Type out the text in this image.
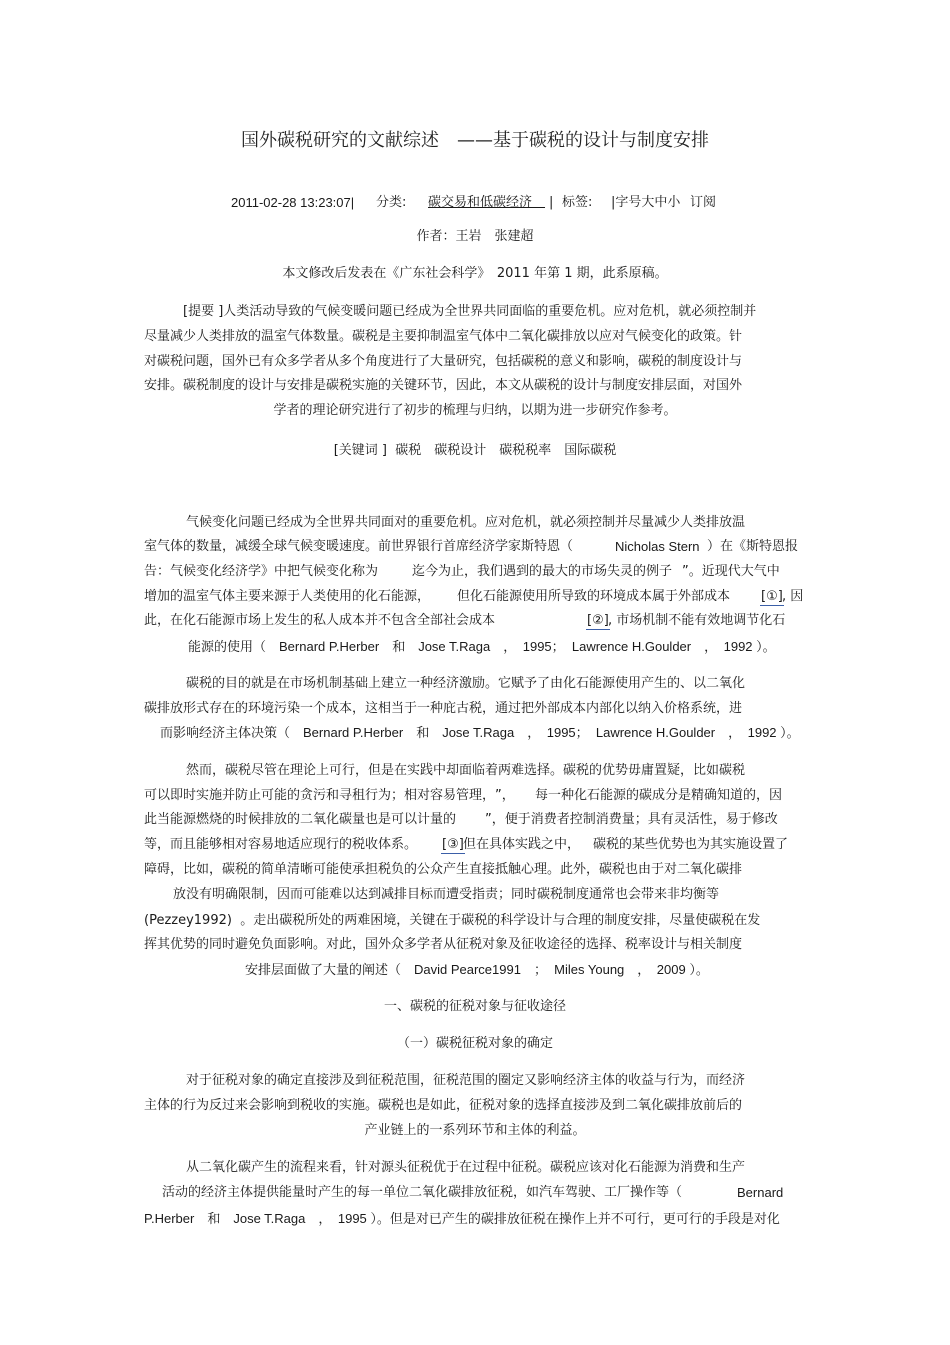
国外碳税研究的文献综述　——基于碳税的设计与制度安排
2011-02-28 13:23:07| 分类: 碳交易和低碳经济　 | 标签: |字号大中小 订阅
作者：王岩　张建超
本文修改后发表在《广东社会科学》　2011 年第 1 期，此系原稿。
[提要 ]人类活动导致的气候变暖问题已经成为全世界共同面临的重要危机。应对危机，就必须控制并
尽量减少人类排放的温室气体数量。碳税是主要抑制温室气体中二氧化碳排放以应对气候变化的政策。针
对碳税问题，国外已有众多学者从多个角度进行了大量研究，包括碳税的意义和影响，碳税的制度设计与
安排。碳税制度的设计与安排是碳税实施的关键环节，因此，本文从碳税的设计与制度安排层面，对国外
学者的理论研究进行了初步的梳理与归纳，以期为进一步研究作参考。
[关键词 ]  碳税　碳税设计　碳税税率　国际碳税
气候变化问题已经成为全世界共同面对的重要危机。应对危机，就必须控制并尽量减少人类排放温
室气体的数量，减缓全球气候变暖速度。前世界银行首席经济学家斯特恩（	Nicholas Stern ）在《斯特恩报
告：气候变化经济学》中把气候变化称为	迄今为止，我们遇到的最大的市场失灵的例子 ”。近现代大气中
增加的温室气体主要来源于人类使用的化石能源， 但化石能源使用所导致的环境成本属于外部成本 [①] , 因
此，在化石能源市场上发生的私人成本并不包含全部社会成本	[②] , 市场机制不能有效地调节化石
能源的使用（　Bernard P.Herber　和　Jose T.Raga　，　1995；  Lawrence H.Goulder　，　1992 ）。
碳税的目的就是在市场机制基础上建立一种经济激励。它赋予了由化石能源使用产生的、以二氧化
碳排放形式存在的环境污染一个成本，这相当于一种庇古税，通过把外部成本内部化以纳入价格系统，进
而影响经济主体决策（　Bernard P.Herber　和　Jose T.Raga　，　1995；  Lawrence H.Goulder　，　1992 ）。
然而，碳税尽管在理论上可行，但是在实践中却面临着两难选择。碳税的优势毋庸置疑，比如碳税
可以即时实施并防止可能的贪污和寻租行为；相对容易管理， ”， 每一种化石能源的碳成分是精确知道的，因
此当能源燃烧的时候排放的二氧化碳量也是可以计量的 ”，便于消费者控制消费量；具有灵活性，易于修改
等，而且能够相对容易地适应现行的税收体系。 [③] 但在具体实践之中， 碳税的某些优势也为其实施设置了
障碍，比如，碳税的简单清晰可能使承担税负的公众产生直接抵触心理。此外，碳税也由于对二氧化碳排
放没有明确限制，因而可能难以达到减排目标而遭受指责；同时碳税制度通常也会带来非均衡等
(Pezzey1992)  。走出碳税所处的两难困境，关键在于碳税的科学设计与合理的制度安排，尽量使碳税在发
挥其优势的同时避免负面影响。对此，国外众多学者从征税对象及征收途径的选择、税率设计与相关制度
安排层面做了大量的阐述（　David Pearce1991　；  Miles Young　，　2009 ）。
一、碳税的征税对象与征收途径
（一）碳税征税对象的确定
对于征税对象的确定直接涉及到征税范围，征税范围的圈定又影响经济主体的收益与行为，而经济
主体的行为反过来会影响到税收的实施。碳税也是如此，征税对象的选择直接涉及到二氧化碳排放前后的
产业链上的一系列环节和主体的利益。
从二氧化碳产生的流程来看，针对源头征税优于在过程中征税。碳税应该对化石能源为消费和生产
活动的经济主体提供能量时产生的每一单位二氧化碳排放征税，如汽车驾驶、工厂操作等（	Bernard
P.Herber　和　Jose T.Raga　，　1995 ）。但是对已产生的碳排放征税在操作上并不可行，更可行的手段是对化
